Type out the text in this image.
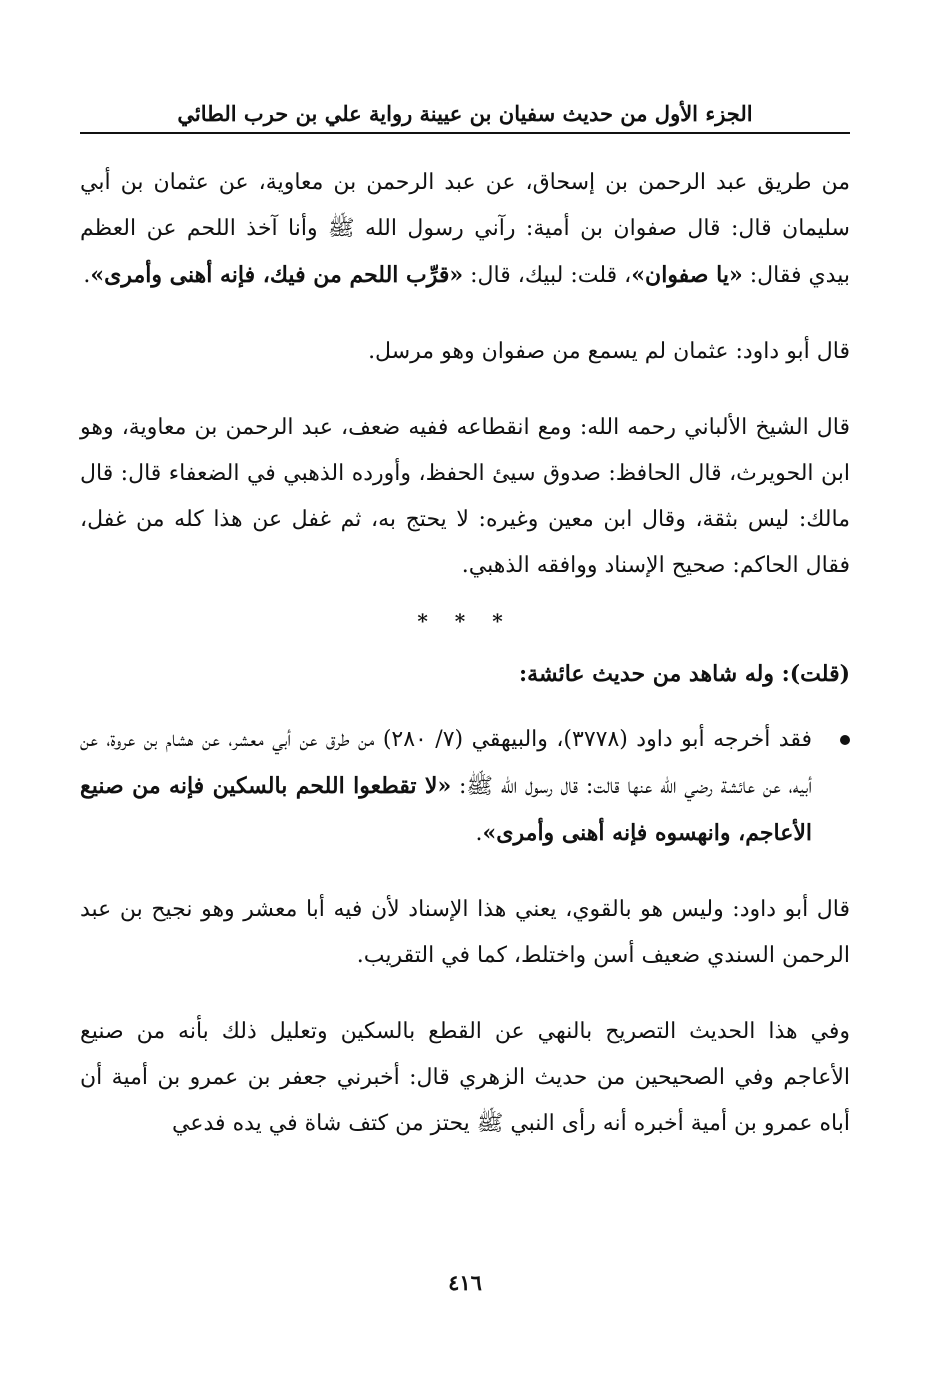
الجزء الأول من حديث سفيان بن عيينة رواية علي بن حرب الطائي

من طريق عبد الرحمن بن إسحاق، عن عبد الرحمن بن معاوية، عن عثمان بن أبي سليمان قال: قال صفوان بن أمية: رآني رسول الله ﷺ وأنا آخذ اللحم عن العظم بيدي فقال: «يا صفوان»، قلت: لبيك، قال: «قرِّب اللحم من فيك، فإنه أهنى وأمرى».

قال أبو داود: عثمان لم يسمع من صفوان وهو مرسل.

قال الشيخ الألباني رحمه الله: ومع انقطاعه ففيه ضعف، عبد الرحمن بن معاوية، وهو ابن الحويرث، قال الحافظ: صدوق سيئ الحفظ، وأورده الذهبي في الضعفاء قال: قال مالك: ليس بثقة، وقال ابن معين وغيره: لا يحتج به، ثم غفل عن هذا كله من غفل، فقال الحاكم: صحيح الإسناد ووافقه الذهبي.

* * *

(قلت): وله شاهد من حديث عائشة:

فقد أخرجه أبو داود (٣٧٧٨)، والبيهقي (٧/ ٢٨٠) من طرق عن أبي معشر، عن هشام بن عروة، عن أبيه، عن عائشة رضي الله عنها قالت: قال رسول الله ﷺ: «لا تقطعوا اللحم بالسكين فإنه من صنيع الأعاجم، وانهسوه فإنه أهنى وأمرى».

قال أبو داود: وليس هو بالقوي، يعني هذا الإسناد لأن فيه أبا معشر وهو نجيح بن عبد الرحمن السندي ضعيف أسن واختلط، كما في التقريب.

وفي هذا الحديث التصريح بالنهي عن القطع بالسكين وتعليل ذلك بأنه من صنيع الأعاجم وفي الصحيحين من حديث الزهري قال: أخبرني جعفر بن عمرو بن أمية أن أباه عمرو بن أمية أخبره أنه رأى النبي ﷺ يحتز من كتف شاة في يده فدعي

٤١٦
